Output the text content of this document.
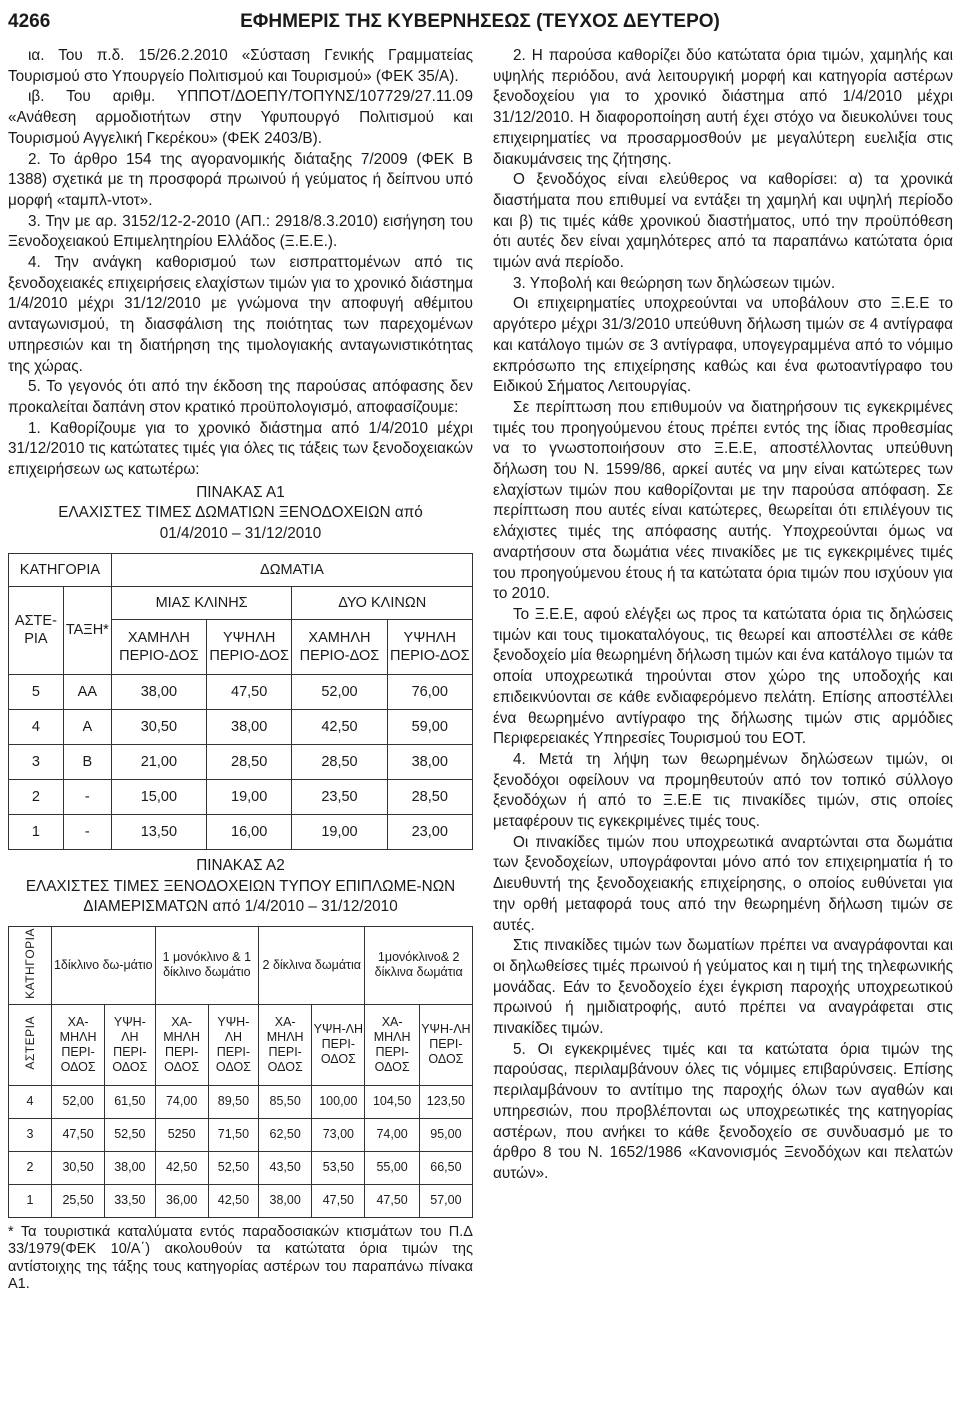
4266	ΕΦΗΜΕΡΙΣ ΤΗΣ ΚΥΒΕΡΝΗΣΕΩΣ (ΤΕΥΧΟΣ ΔΕΥΤΕΡΟ)

ια. Του π.δ. 15/26.2.2010 «Σύσταση Γενικής Γραμματείας Τουρισμού στο Υπουργείο Πολιτισμού και Τουρισμού» (ΦΕΚ 35/Α).

ιβ. Του αριθμ. ΥΠΠΟΤ/ΔΟΕΠΥ/ΤΟΠΥΝΣ/107729/27.11.09 «Ανάθεση αρμοδιοτήτων στην Υφυπουργό Πολιτισμού και Τουρισμού Αγγελική Γκερέκου» (ΦΕΚ 2403/Β).

2. Το άρθρο 154 της αγορανομικής διάταξης 7/2009 (ΦΕΚ Β 1388) σχετικά με τη προσφορά πρωινού ή γεύματος ή δείπνου υπό μορφή «ταμπλ-ντοτ».

3. Την με αρ. 3152/12-2-2010 (ΑΠ.: 2918/8.3.2010) εισήγηση του Ξενοδοχειακού Επιμελητηρίου Ελλάδος (Ξ.Ε.Ε.).

4. Την ανάγκη καθορισμού των εισπραττομένων από τις ξενοδοχειακές επιχειρήσεις ελαχίστων τιμών για το χρονικό διάστημα 1/4/2010 μέχρι 31/12/2010 με γνώμονα την αποφυγή αθέμιτου ανταγωνισμού, τη διασφάλιση της ποιότητας των παρεχομένων υπηρεσιών και τη διατήρηση της τιμολογιακής ανταγωνιστικότητας της χώρας.

5. Το γεγονός ότι από την έκδοση της παρούσας απόφασης δεν προκαλείται δαπάνη στον κρατικό προϋπολογισμό, αποφασίζουμε:

1. Καθορίζουμε για το χρονικό διάστημα από 1/4/2010 μέχρι 31/12/2010 τις κατώτατες τιμές για όλες τις τάξεις των ξενοδοχειακών επιχειρήσεων ως κατωτέρω:

ΠΙΝΑΚΑΣ Α1
ΕΛΑΧΙΣΤΕΣ ΤΙΜΕΣ ΔΩΜΑΤΙΩΝ ΞΕΝΟΔΟΧΕΙΩΝ από
01/4/2010 – 31/12/2010
ΚΑΤΗΓΟΡΙΑ		ΔΩΜΑΤΙΑ			
ΑΣΤΕ-ΡΙΑ	ΤΑΞΗ*	ΜΙΑΣ ΚΛΙΝΗΣ		ΔΥΟ ΚΛΙΝΩΝ	
		ΧΑΜΗΛΗ ΠΕΡΙΟ-ΔΟΣ	ΥΨΗΛΗ ΠΕΡΙΟ-ΔΟΣ	ΧΑΜΗΛΗ ΠΕΡΙΟ-ΔΟΣ	ΥΨΗΛΗ ΠΕΡΙΟ-ΔΟΣ
5	ΑΑ	38,00	47,50	52,00	76,00
4	Α	30,50	38,00	42,50	59,00
3	Β	21,00	28,50	28,50	38,00
2	-	15,00	19,00	23,50	28,50
1	-	13,50	16,00	19,00	23,00
ΠΙΝΑΚΑΣ Α2
ΕΛΑΧΙΣΤΕΣ ΤΙΜΕΣ ΞΕΝΟΔΟΧΕΙΩΝ ΤΥΠΟΥ ΕΠΙΠΛΩΜΕ-ΝΩΝ ΔΙΑΜΕΡΙΣΜΑΤΩΝ από 1/4/2010 – 31/12/2010
ΚΑΤΗΓΟΡΙΑ	1δίκλινο δω-μάτιο		1 μονόκλινο & 1 δίκλινο δωμάτιο		2 δίκλινα δωμάτια		1μονόκλινο& 2 δίκλινα δωμάτια	
ΑΣΤΕΡΙΑ	ΧΑ-ΜΗΛΗ ΠΕΡΙ-ΟΔΟΣ	ΥΨΗ-ΛΗ ΠΕΡΙ-ΟΔΟΣ	ΧΑ-ΜΗΛΗ ΠΕΡΙ-ΟΔΟΣ	ΥΨΗ-ΛΗ ΠΕΡΙ-ΟΔΟΣ	ΧΑ-ΜΗΛΗ ΠΕΡΙ-ΟΔΟΣ	ΥΨΗ-ΛΗ ΠΕΡΙ-ΟΔΟΣ	ΧΑ-ΜΗΛΗ ΠΕΡΙ-ΟΔΟΣ	ΥΨΗ-ΛΗ ΠΕΡΙ-ΟΔΟΣ
4	52,00	61,50	74,00	89,50	85,50	100,00	104,50	123,50
3	47,50	52,50	5250	71,50	62,50	73,00	74,00	95,00
2	30,50	38,00	42,50	52,50	43,50	53,50	55,00	66,50
1	25,50	33,50	36,00	42,50	38,00	47,50	47,50	57,00

* Τα τουριστικά καταλύματα εντός παραδοσιακών κτισμάτων του Π.Δ 33/1979(ΦΕΚ 10/Α΄) ακολουθούν τα κατώτατα όρια τιμών της αντίστοιχης της τάξης τους κατηγορίας αστέρων του παραπάνω πίνακα Α1.

2. Η παρούσα καθορίζει δύο κατώτατα όρια τιμών, χαμηλής και υψηλής περιόδου, ανά λειτουργική μορφή και κατηγορία αστέρων ξενοδοχείου για το χρονικό διάστημα από 1/4/2010 μέχρι 31/12/2010. Η διαφοροποίηση αυτή έχει στόχο να διευκολύνει τους επιχειρηματίες να προσαρμοσθούν με μεγαλύτερη ευελιξία στις διακυμάνσεις της ζήτησης.

Ο ξενοδόχος είναι ελεύθερος να καθορίσει: α) τα χρονικά διαστήματα που επιθυμεί να εντάξει τη χαμηλή και υψηλή περίοδο και β) τις τιμές κάθε χρονικού διαστήματος, υπό την προϋπόθεση ότι αυτές δεν είναι χαμηλότερες από τα παραπάνω κατώτατα όρια τιμών ανά περίοδο.

3. Υποβολή και θεώρηση των δηλώσεων τιμών.

Οι επιχειρηματίες υποχρεούνται να υποβάλουν στο Ξ.Ε.Ε το αργότερο μέχρι 31/3/2010 υπεύθυνη δήλωση τιμών σε 4 αντίγραφα και κατάλογο τιμών σε 3 αντίγραφα, υπογεγραμμένα από το νόμιμο εκπρόσωπο της επιχείρησης καθώς και ένα φωτοαντίγραφο του Ειδικού Σήματος Λειτουργίας.

Σε περίπτωση που επιθυμούν να διατηρήσουν τις εγκεκριμένες τιμές του προηγούμενου έτους πρέπει εντός της ίδιας προθεσμίας να το γνωστοποιήσουν στο Ξ.Ε.Ε, αποστέλλοντας υπεύθυνη δήλωση του Ν. 1599/86, αρκεί αυτές να μην είναι κατώτερες των ελαχίστων τιμών που καθορίζονται με την παρούσα απόφαση. Σε περίπτωση που αυτές είναι κατώτερες, θεωρείται ότι επιλέγουν τις ελάχιστες τιμές της απόφασης αυτής. Υποχρεούνται όμως να αναρτήσουν στα δωμάτια νέες πινακίδες με τις εγκεκριμένες τιμές του προηγούμενου έτους ή τα κατώτατα όρια τιμών που ισχύουν για το 2010.

Το Ξ.Ε.Ε, αφού ελέγξει ως προς τα κατώτατα όρια τις δηλώσεις τιμών και τους τιμοκαταλόγους, τις θεωρεί και αποστέλλει σε κάθε ξενοδοχείο μία θεωρημένη δήλωση τιμών και ένα κατάλογο τιμών τα οποία υποχρεωτικά τηρούνται στον χώρο της υποδοχής και επιδεικνύονται σε κάθε ενδιαφερόμενο πελάτη. Επίσης αποστέλλει ένα θεωρημένο αντίγραφο της δήλωσης τιμών στις αρμόδιες Περιφερειακές Υπηρεσίες Τουρισμού του ΕΟΤ.

4. Μετά τη λήψη των θεωρημένων δηλώσεων τιμών, οι ξενοδόχοι οφείλουν να προμηθευτούν από τον τοπικό σύλλογο ξενοδόχων ή από το Ξ.Ε.Ε τις πινακίδες τιμών, στις οποίες μεταφέρουν τις εγκεκριμένες τιμές τους.

Οι πινακίδες τιμών που υποχρεωτικά αναρτώνται στα δωμάτια των ξενοδοχείων, υπογράφονται μόνο από τον επιχειρηματία ή το Διευθυντή της ξενοδοχειακής επιχείρησης, ο οποίος ευθύνεται για την ορθή μεταφορά τους από την θεωρημένη δήλωση τιμών σε αυτές.

Στις πινακίδες τιμών των δωματίων πρέπει να αναγράφονται και οι δηλωθείσες τιμές πρωινού ή γεύματος και η τιμή της τηλεφωνικής μονάδας. Εάν το ξενοδοχείο έχει έγκριση παροχής υποχρεωτικού πρωινού ή ημιδιατροφής, αυτό πρέπει να αναγράφεται στις πινακίδες τιμών.

5. Οι εγκεκριμένες τιμές και τα κατώτατα όρια τιμών της παρούσας, περιλαμβάνουν όλες τις νόμιμες επιβαρύνσεις. Επίσης περιλαμβάνουν το αντίτιμο της παροχής όλων των αγαθών και υπηρεσιών, που προβλέπονται ως υποχρεωτικές της κατηγορίας αστέρων, που ανήκει το κάθε ξενοδοχείο σε συνδυασμό με το άρθρο 8 του Ν. 1652/1986 «Κανονισμός Ξενοδόχων και πελατών αυτών».
